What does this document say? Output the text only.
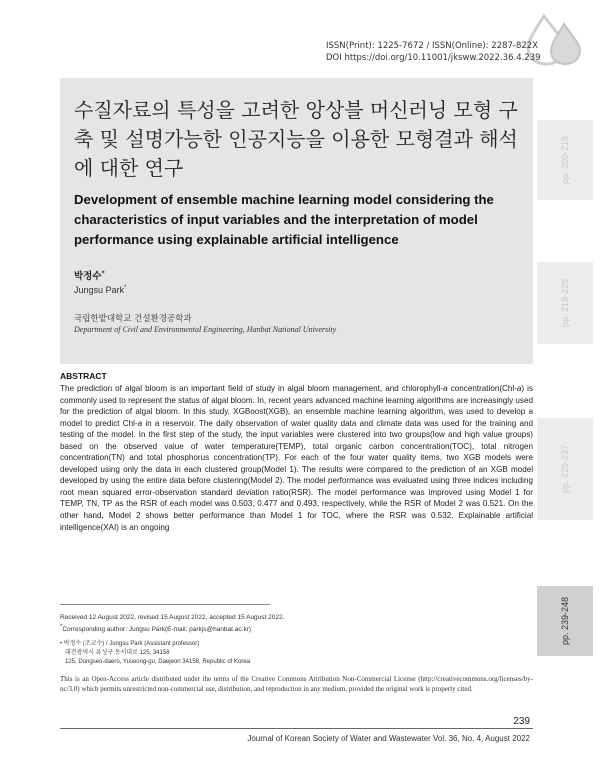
ISSN(Print): 1225-7672 / ISSN(Online): 2287-822X
DOI https://doi.org/10.11001/jksww.2022.36.4.239
pp. 209-218
pp. 219-228
pp. 229-237
pp. 239-248
수질자료의 특성을 고려한 앙상블 머신러닝 모형 구축 및 설명가능한 인공지능을 이용한 모형결과 해석에 대한 연구
Development of ensemble machine learning model considering the characteristics of input variables and the interpretation of model performance using explainable artificial intelligence
박정수*
Jungsu Park*
국립한밭대학교 건설환경공학과
Department of Civil and Environmental Engineering, Hanbat National University
ABSTRACT
The prediction of algal bloom is an important field of study in algal bloom management, and chlorophyll-a concentration(Chl-a) is commonly used to represent the status of algal bloom. In, recent years advanced machine learning algorithms are increasingly used for the prediction of algal bloom. In this study, XGBoost(XGB), an ensemble machine learning algorithm, was used to develop a model to predict Chl-a in a reservoir. The daily observation of water quality data and climate data was used for the training and testing of the model. In the first step of the study, the input variables were clustered into two groups(low and high value groups) based on the observed value of water temperature(TEMP), total organic carbon concentration(TOC), total nitrogen concentration(TN) and total phosphorus concentration(TP). For each of the four water quality items, two XGB models were developed using only the data in each clustered group(Model 1). The results were compared to the prediction of an XGB model developed by using the entire data before clustering(Model 2). The model performance was evaluated using three indices including root mean squared error-observation standard deviation ratio(RSR). The model performance was improved using Model 1 for TEMP, TN, TP as the RSR of each model was 0.503, 0.477 and 0.493, respectively, while the RSR of Model 2 was 0.521. On the other hand, Model 2 shows better performance than Model 1 for TOC, where the RSR was 0.532. Explainable artificial intelligence(XAI) is an ongoing
Received 12 August 2022, revised 15 August 2022, accepted 15 August 2022.
*Corresponding author: Jungsu Park(E-mail: parkjs@hanbat.ac.kr)
• 박정수 (조교수) / Jungsu Park (Assistant professor)
대전광역시 유성구 동서대로 125, 34158
125, Dongseo-daero, Yuseong-gu, Daejeon 34158, Republic of Korea
This is an Open-Access article distributed under the terms of the Creative Commons Attribution Non-Commercial License (http://creativecommons.org/licenses/by-nc/3.0) which permits unrestricted non-commercial use, distribution, and reproduction in any medium, provided the original work is properly cited.
239
Journal of Korean Society of Water and Wastewater Vol. 36, No. 4, August 2022
